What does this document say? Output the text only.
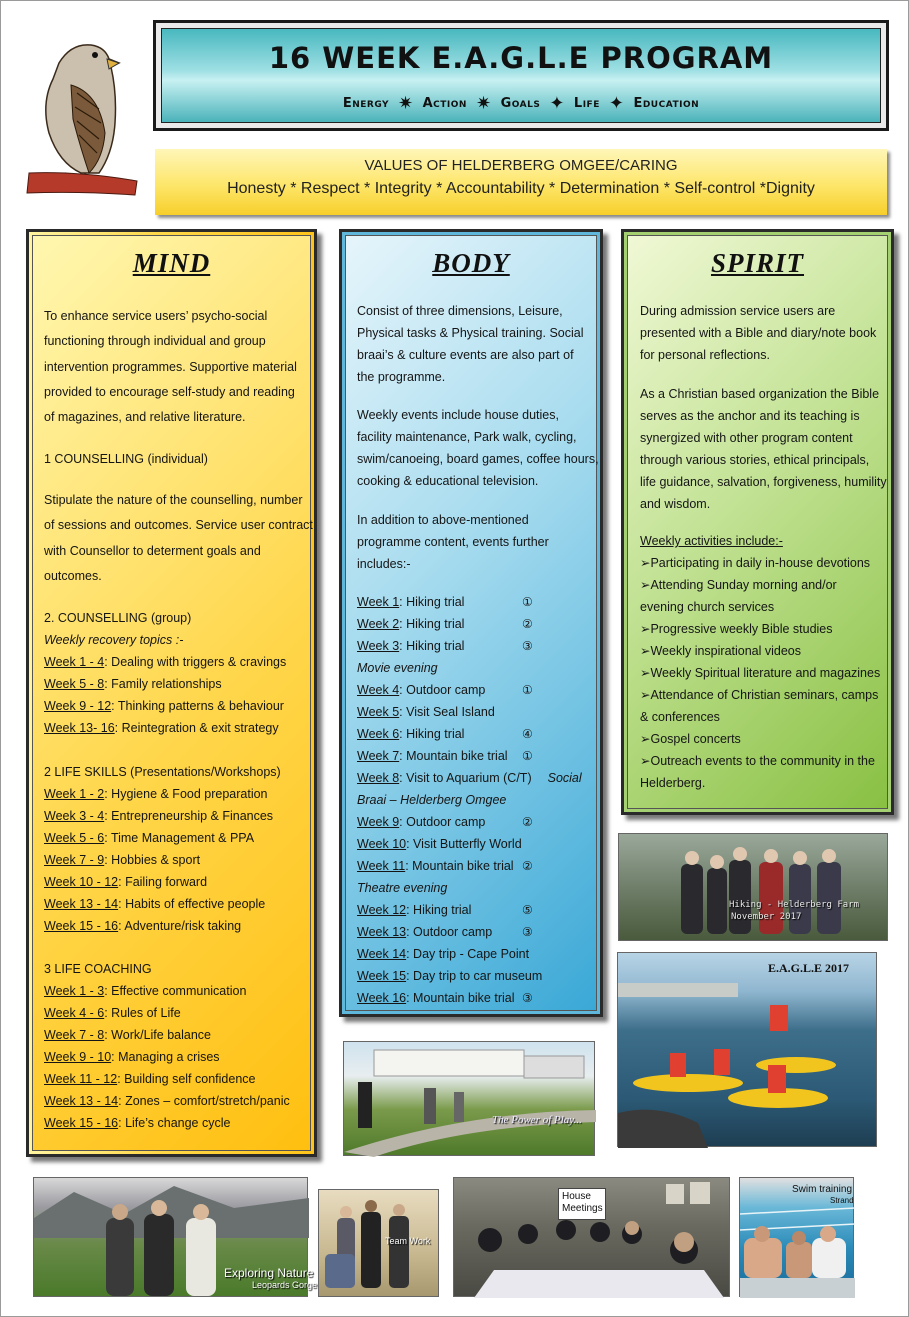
16 WEEK E.A.G.L.E PROGRAM
Energy ✷ Action ✷ Goals ✦ Life ✦ Education
VALUES OF HELDERBERG OMGEE/CARING
Honesty * Respect * Integrity * Accountability * Determination * Self-control *Dignity
MIND
To enhance service users’ psycho-social
functioning through individual and group
intervention programmes. Supportive material
provided to encourage self-study and reading
of magazines, and relative literature.
1 COUNSELLING (individual)
Stipulate the nature of the counselling, number
of sessions and outcomes. Service user contract
with Counsellor to determent goals and
outcomes.
2. COUNSELLING (group)
Weekly recovery topics :-
Week 1 - 4: Dealing with triggers & cravings
Week 5 - 8: Family relationships
Week 9 - 12: Thinking patterns & behaviour
Week 13- 16: Reintegration & exit strategy
2 LIFE SKILLS (Presentations/Workshops)
Week 1 - 2: Hygiene & Food preparation
Week 3 - 4: Entrepreneurship & Finances
Week 5 - 6: Time Management & PPA
Week 7 - 9: Hobbies & sport
Week 10 - 12: Failing forward
Week 13 - 14: Habits of effective people
Week 15 - 16: Adventure/risk taking
3 LIFE COACHING
Week 1 - 3: Effective communication
Week 4 - 6: Rules of Life
Week 7 - 8: Work/Life balance
Week 9 - 10: Managing a crises
Week 11 - 12: Building self confidence
Week 13 - 14: Zones – comfort/stretch/panic
Week 15 - 16: Life’s change cycle
BODY
Consist of three dimensions, Leisure,
Physical tasks & Physical training. Social
braai’s & culture events are also part of
the programme.
Weekly events include house duties,
facility maintenance, Park walk, cycling,
swim/canoeing, board games, coffee hours,
cooking & educational television.
In addition to above-mentioned
programme content, events further
includes:-
Week 1: Hiking trial	①
Week 2: Hiking trial	②
Week 3: Hiking trial	③
Movie evening
Week 4: Outdoor camp	①
Week 5: Visit Seal Island
Week 6: Hiking trial	④
Week 7: Mountain bike trial ①
Week 8: Visit to Aquarium (C/T) Social
Braai – Helderberg Omgee
Week 9: Outdoor camp	②
Week 10: Visit Butterfly World
Week 11: Mountain bike trial ②
Theatre evening
Week 12: Hiking trial	⑤
Week 13: Outdoor camp ③
Week 14: Day trip - Cape Point
Week 15: Day trip to car museum
Week 16: Mountain bike trial ③
SPIRIT
During admission service users are
presented with a Bible and diary/note book
for personal reflections.
As a Christian based organization the Bible
serves as the anchor and its teaching is
synergized with other program content
through various stories, ethical principals,
life guidance, salvation, forgiveness, humility
and wisdom.
Weekly activities include:-
➢Participating in daily in-house devotions
➢Attending Sunday morning and/or
evening church services
➢Progressive weekly Bible studies
➢Weekly inspirational videos
➢Weekly Spiritual literature and magazines
➢Attendance of Christian seminars, camps
& conferences
➢Gospel concerts
➢Outreach events to the community in the
Helderberg.
Hiking - Helderberg Farm
November 2017
E.A.G.L.E 2017
The Power of Play...
Exploring Nature
Leopards Gorge
Team Work
House Meetings
Swim training
Strand
